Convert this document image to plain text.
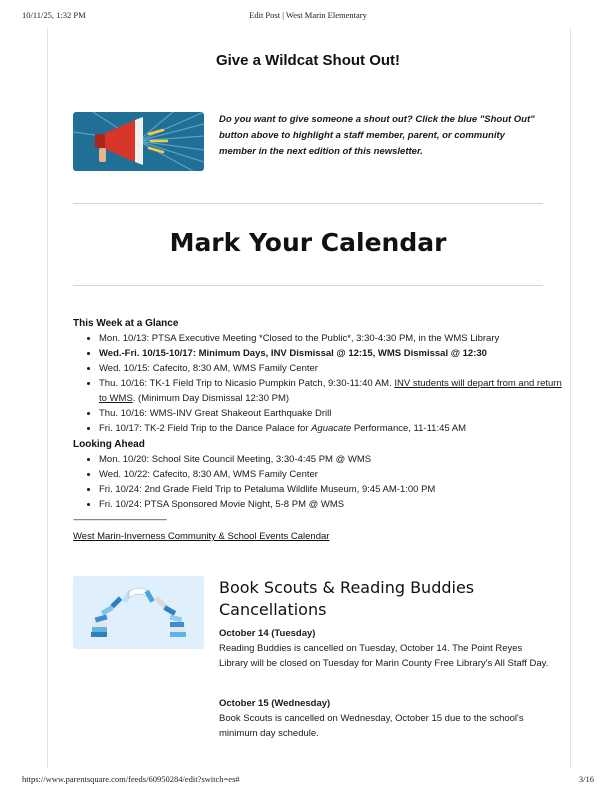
10/11/25, 1:32 PM	Edit Post | West Marin Elementary
Give a Wildcat Shout Out!
Do you want to give someone a shout out? Click the blue "Shout Out" button above to highlight a staff member, parent, or community member in the next edition of this newsletter.
Mark Your Calendar
This Week at a Glance
• Mon. 10/13: PTSA Executive Meeting *Closed to the Public*, 3:30-4:30 PM, in the WMS Library
• Wed.-Fri. 10/15-10/17: Minimum Days, INV Dismissal @ 12:15, WMS Dismissal @ 12:30
• Wed. 10/15: Cafecito, 8:30 AM, WMS Family Center
• Thu. 10/16: TK-1 Field Trip to Nicasio Pumpkin Patch, 9:30-11:40 AM. INV students will depart from and return to WMS. (Minimum Day Dismissal 12:30 PM)
• Thu. 10/16: WMS-INV Great Shakeout Earthquake Drill
• Fri. 10/17: TK-2 Field Trip to the Dance Palace for Aguacate Performance, 11-11:45 AM
Looking Ahead
• Mon. 10/20: School Site Council Meeting, 3:30-4:45 PM @ WMS
• Wed. 10/22: Cafecito, 8:30 AM, WMS Family Center
• Fri. 10/24: 2nd Grade Field Trip to Petaluma Wildlife Museum, 9:45 AM-1:00 PM
• Fri. 10/24: PTSA Sponsored Movie Night, 5-8 PM @ WMS
--------------------------------------------------------
West Marin-Inverness Community & School Events Calendar
Book Scouts & Reading Buddies Cancellations
October 14 (Tuesday)
Reading Buddies is cancelled on Tuesday, October 14. The Point Reyes Library will be closed on Tuesday for Marin County Free Library's All Staff Day.
October 15 (Wednesday)
Book Scouts is cancelled on Wednesday, October 15 due to the school's minimum day schedule.
https://www.parentsquare.com/feeds/60950284/edit?switch=es#	3/16
